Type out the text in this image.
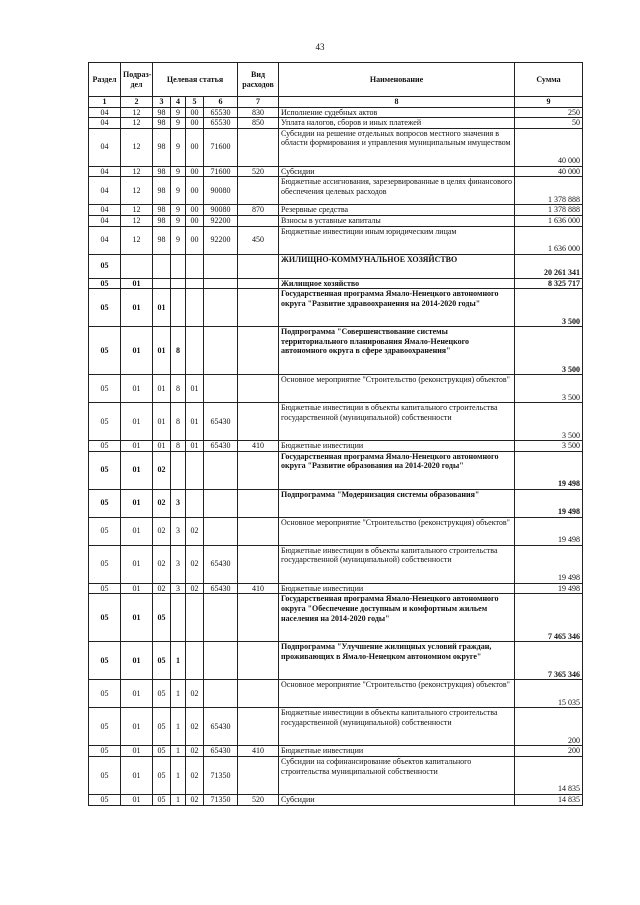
43
Раздел	Подраз-дел	Целевая статья				Вид расходов	Наименование	Сумма
1	2	3	4	5	6	7	8	9
04	12	98	9	00	65530	830	Исполнение судебных актов	250
04	12	98	9	00	65530	850	Уплата налогов, сборов и иных платежей	50
04	12	98	9	00	71600		Субсидии на решение отдельных вопросов местного значения в области формирования и управления муниципальным имуществом	40 000
04	12	98	9	00	71600	520	Субсидии	40 000
04	12	98	9	00	90080		Бюджетные ассигнования, зарезервированные в целях финансового обеспечения целевых расходов	1 378 888
04	12	98	9	00	90080	870	Резервные средства	1 378 888
04	12	98	9	00	92200		Взносы в уставные капиталы	1 636 000
04	12	98	9	00	92200	450	Бюджетные инвестиции иным юридическим лицам	1 636 000
05							ЖИЛИЩНО-КОММУНАЛЬНОЕ ХОЗЯЙСТВО	20 261 341
05	01						Жилищное хозяйство	8 325 717
05	01	01					Государственная программа Ямало-Ненецкого автономного округа "Развитие здравоохранения на 2014-2020 годы"	3 500
05	01	01	8				Подпрограмма "Совершенствование системы территориального планирования Ямало-Ненецкого автономного округа в сфере здравоохранения"	3 500
05	01	01	8	01			Основное мероприятие "Строительство (реконструкция) объектов"	3 500
05	01	01	8	01	65430		Бюджетные инвестиции в объекты капитального строительства государственной (муниципальной) собственности	3 500
05	01	01	8	01	65430	410	Бюджетные инвестиции	3 500
05	01	02					Государственная программа Ямало-Ненецкого автономного округа "Развитие образования на 2014-2020 годы"	19 498
05	01	02	3				Подпрограмма "Модернизация системы образования"	19 498
05	01	02	3	02			Основное мероприятие "Строительство (реконструкция) объектов"	19 498
05	01	02	3	02	65430		Бюджетные инвестиции в объекты капитального строительства государственной (муниципальной) собственности	19 498
05	01	02	3	02	65430	410	Бюджетные инвестиции	19 498
05	01	05					Государственная программа Ямало-Ненецкого автономного округа "Обеспечение доступным и комфортным жильем населения на 2014-2020 годы"	7 465 346
05	01	05	1				Подпрограмма "Улучшение жилищных условий граждан, проживающих в Ямало-Ненецком автономном округе"	7 365 346
05	01	05	1	02			Основное мероприятие "Строительство (реконструкция) объектов"	15 035
05	01	05	1	02	65430		Бюджетные инвестиции в объекты капитального строительства государственной (муниципальной) собственности	200
05	01	05	1	02	65430	410	Бюджетные инвестиции	200
05	01	05	1	02	71350		Субсидии на софинансирование объектов капитального строительства муниципальной собственности	14 835
05	01	05	1	02	71350	520	Субсидии	14 835
